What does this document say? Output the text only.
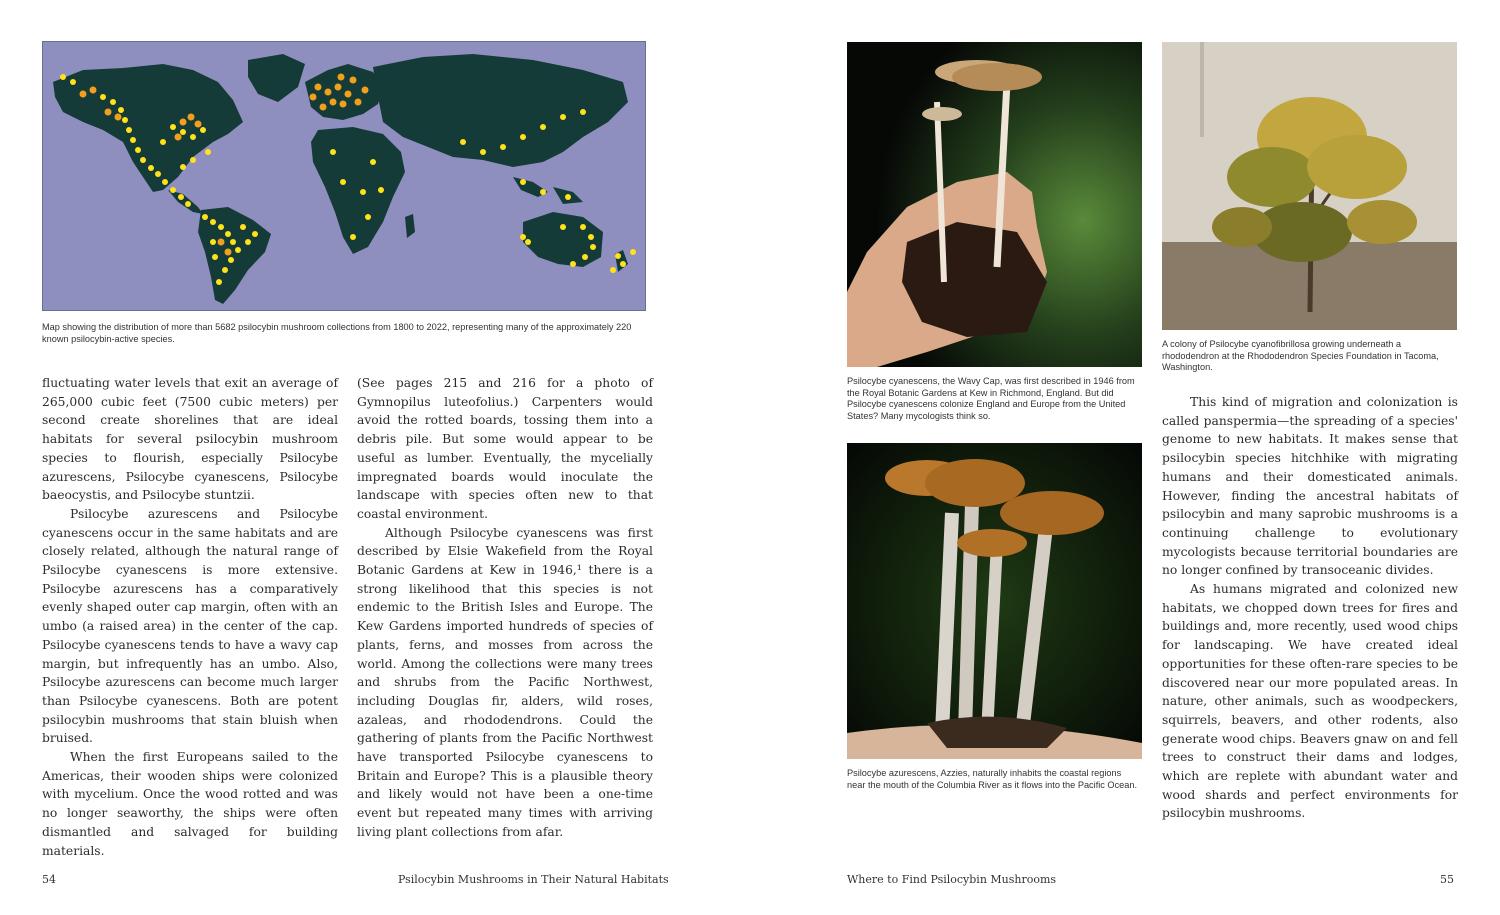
Map showing the distribution of more than 5682 psilocybin mushroom collections from 1800 to 2022, representing many of the approximately 220 known psilocybin-active species.

fluctuating water levels that exit an average of 265,000 cubic feet (7500 cubic meters) per second create shorelines that are ideal habitats for several psilocybin mushroom species to flourish, especially Psilocybe azurescens, Psilocybe cyanescens, Psilocybe baeocystis, and Psilocybe stuntzii.

Psilocybe azurescens and Psilocybe cyanescens occur in the same habitats and are closely related, although the natural range of Psilocybe cyanescens is more extensive. Psilocybe azurescens has a comparatively evenly shaped outer cap margin, often with an umbo (a raised area) in the center of the cap. Psilocybe cyanescens tends to have a wavy cap margin, but infrequently has an umbo. Also, Psilocybe azurescens can become much larger than Psilocybe cyanescens. Both are potent psilocybin mushrooms that stain bluish when bruised.

When the first Europeans sailed to the Americas, their wooden ships were colonized with mycelium. Once the wood rotted and was no longer seaworthy, the ships were often dismantled and salvaged for building materials.

(See pages 215 and 216 for a photo of Gymnopilus luteofolius.) Carpenters would avoid the rotted boards, tossing them into a debris pile. But some would appear to be useful as lumber. Eventually, the mycelially impregnated boards would inoculate the landscape with species often new to that coastal environment.

Although Psilocybe cyanescens was first described by Elsie Wakefield from the Royal Botanic Gardens at Kew in 1946,¹ there is a strong likelihood that this species is not endemic to the British Isles and Europe. The Kew Gardens imported hundreds of species of plants, ferns, and mosses from across the world. Among the collections were many trees and shrubs from the Pacific Northwest, including Douglas fir, alders, wild roses, azaleas, and rhododendrons. Could the gathering of plants from the Pacific Northwest have transported Psilocybe cyanescens to Britain and Europe? This is a plausible theory and likely would not have been a one-time event but repeated many times with arriving living plant collections from afar.

Psilocybe cyanescens, the Wavy Cap, was first described in 1946 from the Royal Botanic Gardens at Kew in Richmond, England. But did Psilocybe cyanescens colonize England and Europe from the United States? Many mycologists think so.
A colony of Psilocybe cyanofibrillosa growing underneath a rhododendron at the Rhododendron Species Foundation in Tacoma, Washington.
Psilocybe azurescens, Azzies, naturally inhabits the coastal regions near the mouth of the Columbia River as it flows into the Pacific Ocean.

This kind of migration and colonization is called panspermia—the spreading of a species' genome to new habitats. It makes sense that psilocybin species hitchhike with migrating humans and their domesticated animals. However, finding the ancestral habitats of psilocybin and many saprobic mushrooms is a continuing challenge to evolutionary mycologists because territorial boundaries are no longer confined by transoceanic divides.

As humans migrated and colonized new habitats, we chopped down trees for fires and buildings and, more recently, used wood chips for landscaping. We have created ideal opportunities for these often-rare species to be discovered near our more populated areas. In nature, other animals, such as woodpeckers, squirrels, beavers, and other rodents, also generate wood chips. Beavers gnaw on and fell trees to construct their dams and lodges, which are replete with abundant water and wood shards and perfect environments for psilocybin mushrooms.

54	Psilocybin Mushrooms in Their Natural Habitats	Where to Find Psilocybin Mushrooms	55
